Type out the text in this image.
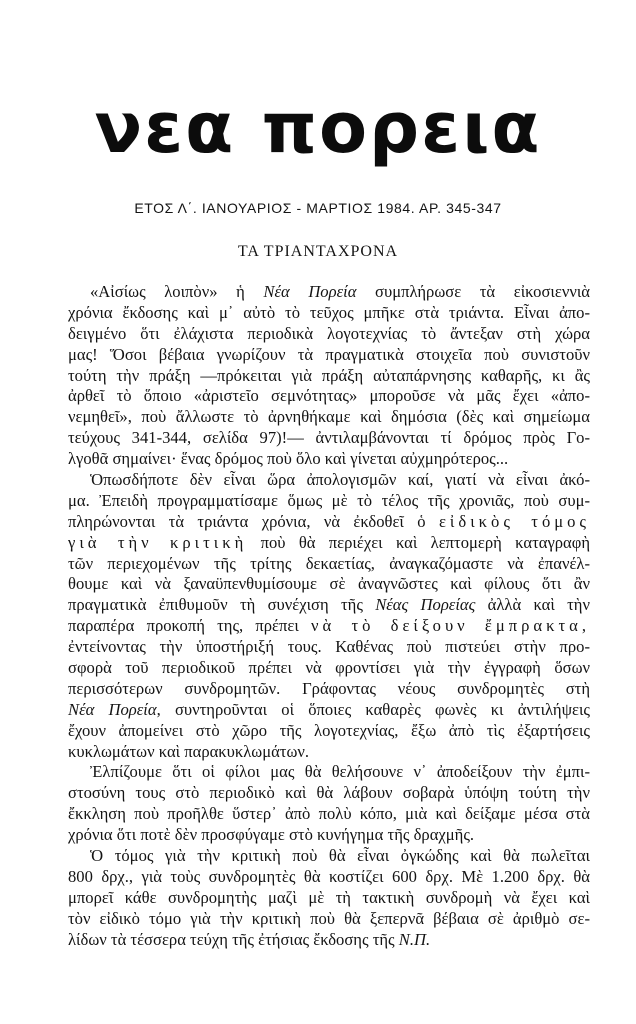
νεα πορεια
ΕΤΟΣ Λ΄. ΙΑΝΟΥΑΡΙΟΣ - ΜΑΡΤΙΟΣ 1984. ΑΡ. 345-347
ΤΑ ΤΡΙΑΝΤΑΧΡΟΝΑ
«Αἰσίως λοιπὸν» ἡ Νέα Πορεία συμπλήρωσε τὰ εἰκοσιεννιὰ
χρόνια ἔκδοσης καὶ μ᾿ αὐτὸ τὸ τεῦχος μπῆκε στὰ τριάντα. Εἶναι ἀπο-
δειγμένο ὅτι ἐλάχιστα περιοδικὰ λογοτεχνίας τὸ ἄντεξαν στὴ χώρα
μας! Ὅσοι βέβαια γνωρίζουν τὰ πραγματικὰ στοιχεῖα ποὺ συνιστοῦν
τούτη τὴν πράξη —πρόκειται γιὰ πράξη αὐταπάρνησης καθαρῆς, κι ἂς
ἀρθεῖ τὸ ὅποιο «ἀριστεῖο σεμνότητας» μποροῦσε νὰ μᾶς ἔχει «ἀπο-
νεμηθεῖ», ποὺ ἄλλωστε τὸ ἀρνηθήκαμε καὶ δημόσια (δὲς καὶ σημείωμα
τεύχους 341-344, σελίδα 97)!— ἀντιλαμβάνονται τί δρόμος πρὸς Γο-
λγοθᾶ σημαίνει· ἕνας δρόμος ποὺ ὅλο καὶ γίνεται αὐχμηρότερος...
Ὁπωσδήποτε δὲν εἶναι ὥρα ἀπολογισμῶν καί, γιατί νὰ εἶναι ἀκό-
μα. Ἐπειδὴ προγραμματίσαμε ὅμως μὲ τὸ τέλος τῆς χρονιᾶς, ποὺ συμ-
πληρώνονται τὰ τριάντα χρόνια, νὰ ἐκδοθεῖ ὁ εἰδικὸς τόμος
γιὰ τὴν κριτικὴ ποὺ θὰ περιέχει καὶ λεπτομερὴ καταγραφὴ
τῶν περιεχομένων τῆς τρίτης δεκαετίας, ἀναγκαζόμαστε νὰ ἐπανέλ-
θουμε καὶ νὰ ξαναϋπενθυμίσουμε σὲ ἀναγνῶστες καὶ φίλους ὅτι ἂν
πραγματικὰ ἐπιθυμοῦν τὴ συνέχιση τῆς Νέας Πορείας ἀλλὰ καὶ τὴν
παραπέρα προκοπή της, πρέπει νὰ τὸ δείξουν ἔμπρακτα,
ἐντείνοντας τὴν ὑποστήριξή τους. Καθένας ποὺ πιστεύει στὴν προ-
σφορὰ τοῦ περιοδικοῦ πρέπει νὰ φροντίσει γιὰ τὴν ἐγγραφὴ ὅσων
περισσότερων συνδρομητῶν. Γράφοντας νέους συνδρομητὲς στὴ
Νέα Πορεία, συντηροῦνται οἱ ὅποιες καθαρὲς φωνὲς κι ἀντιλήψεις
ἔχουν ἀπομείνει στὸ χῶρο τῆς λογοτεχνίας, ἔξω ἀπὸ τὶς ἐξαρτήσεις
κυκλωμάτων καὶ παρακυκλωμάτων.
Ἐλπίζουμε ὅτι οἱ φίλοι μας θὰ θελήσουνε ν᾿ ἀποδείξουν τὴν ἐμπι-
στοσύνη τους στὸ περιοδικὸ καὶ θὰ λάβουν σοβαρὰ ὑπόψη τούτη τὴν
ἔκκληση ποὺ προῆλθε ὕστερ᾿ ἀπὸ πολὺ κόπο, μιὰ καὶ δείξαμε μέσα στὰ
χρόνια ὅτι ποτὲ δὲν προσφύγαμε στὸ κυνήγημα τῆς δραχμῆς.
Ὁ τόμος γιὰ τὴν κριτικὴ ποὺ θὰ εἶναι ὀγκώδης καὶ θὰ πωλεῖται
800 δρχ., γιὰ τοὺς συνδρομητὲς θὰ κοστίζει 600 δρχ. Μὲ 1.200 δρχ. θὰ
μπορεῖ κάθε συνδρομητὴς μαζὶ μὲ τὴ τακτικὴ συνδρομὴ νὰ ἔχει καὶ
τὸν εἰδικὸ τόμο γιὰ τὴν κριτικὴ ποὺ θὰ ξεπερνᾶ βέβαια σὲ ἀριθμὸ σε-
λίδων τὰ τέσσερα τεύχη τῆς ἐτήσιας ἔκδοσης τῆς Ν.Π.
